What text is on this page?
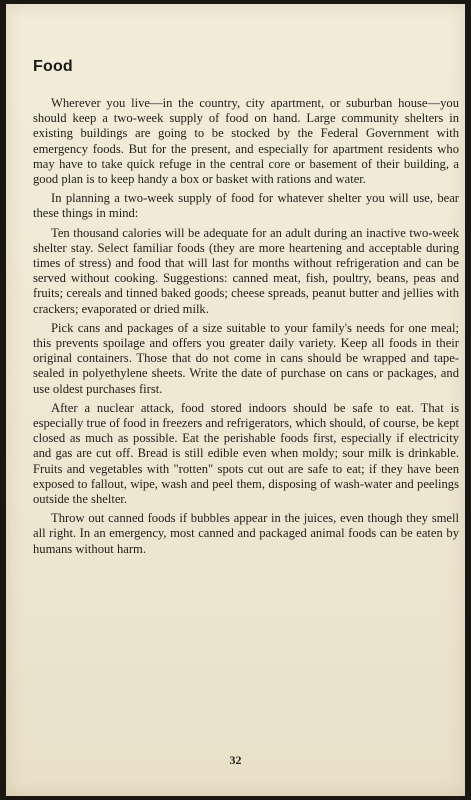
Food

Wherever you live—in the country, city apartment, or suburban house—you should keep a two-week supply of food on hand. Large community shelters in existing buildings are going to be stocked by the Federal Government with emergency foods. But for the present, and especially for apartment residents who may have to take quick refuge in the central core or basement of their building, a good plan is to keep handy a box or basket with rations and water.

In planning a two-week supply of food for whatever shelter you will use, bear these things in mind:

Ten thousand calories will be adequate for an adult during an inactive two-week shelter stay. Select familiar foods (they are more heartening and acceptable during times of stress) and food that will last for months without refrigeration and can be served without cooking. Suggestions: canned meat, fish, poultry, beans, peas and fruits; cereals and tinned baked goods; cheese spreads, peanut butter and jellies with crackers; evaporated or dried milk.

Pick cans and packages of a size suitable to your family's needs for one meal; this prevents spoilage and offers you greater daily variety. Keep all foods in their original containers. Those that do not come in cans should be wrapped and tape-sealed in polyethylene sheets. Write the date of purchase on cans or packages, and use oldest purchases first.

After a nuclear attack, food stored indoors should be safe to eat. That is especially true of food in freezers and refrigerators, which should, of course, be kept closed as much as possible. Eat the perishable foods first, especially if electricity and gas are cut off. Bread is still edible even when moldy; sour milk is drinkable. Fruits and vegetables with "rotten" spots cut out are safe to eat; if they have been exposed to fallout, wipe, wash and peel them, disposing of wash-water and peelings outside the shelter.

Throw out canned foods if bubbles appear in the juices, even though they smell all right. In an emergency, most canned and packaged animal foods can be eaten by humans without harm.

32
